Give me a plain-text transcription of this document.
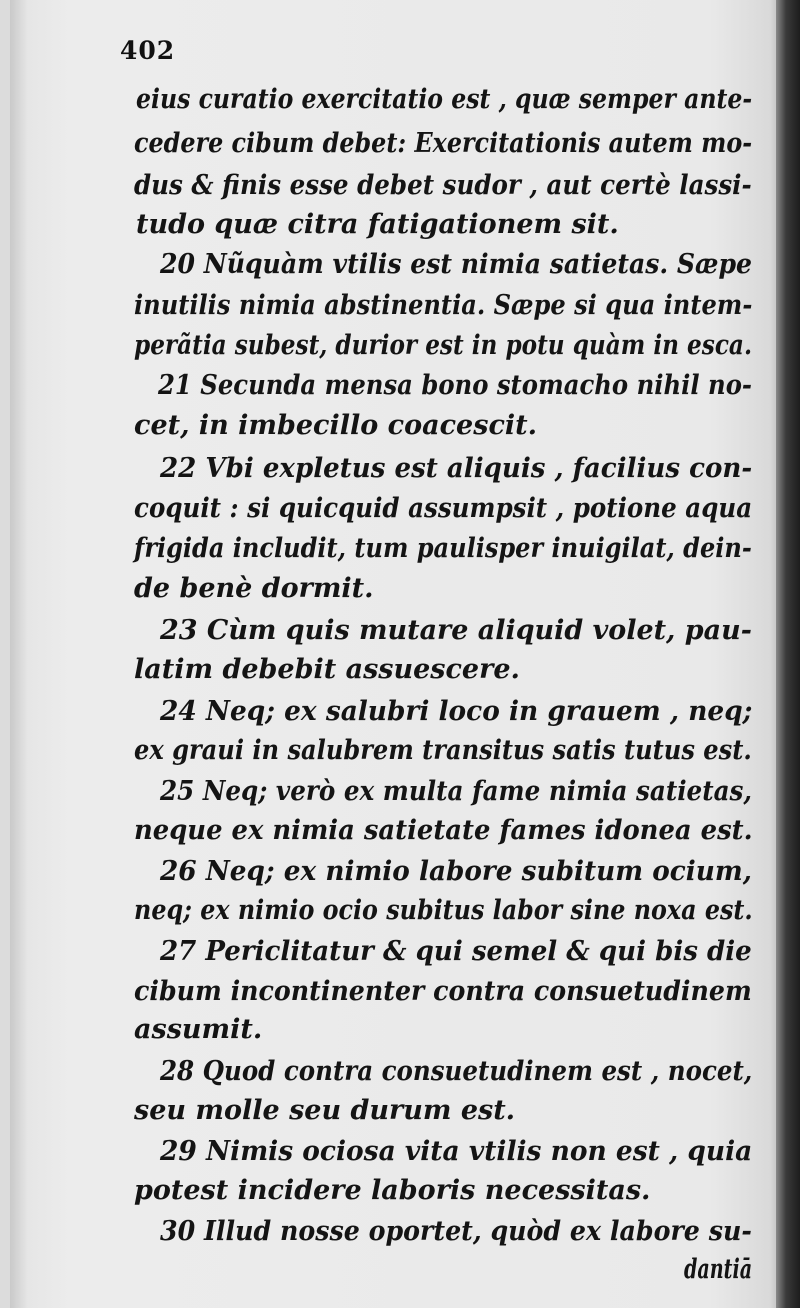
402
eius curatio exercitatio est , quæ semper ante-
cedere cibum debet: Exercitationis autem mo-
dus & finis esse debet sudor , aut certè lassi-
tudo quæ citra fatigationem sit.
20 Nũquàm vtilis est nimia satietas. Sæpe
inutilis nimia abstinentia. Sæpe si qua intem-
perãtia subest, durior est in potu quàm in esca.
21 Secunda mensa bono stomacho nihil no-
cet, in imbecillo coacescit.
22 Vbi expletus est aliquis , facilius con-
coquit : si quicquid assumpsit , potione aqua
frigida includit, tum paulisper inuigilat, dein-
de benè dormit.
23 Cùm quis mutare aliquid volet, pau-
latim debebit assuescere.
24 Neq; ex salubri loco in grauem , neq;
ex graui in salubrem transitus satis tutus est.
25 Neq; verò ex multa fame nimia satietas,
neque ex nimia satietate fames idonea est.
26 Neq; ex nimio labore subitum ocium,
neq; ex nimio ocio subitus labor sine noxa est.
27 Periclitatur & qui semel & qui bis die
cibum incontinenter contra consuetudinem
assumit.
28 Quod contra consuetudinem est , nocet,
seu molle seu durum est.
29 Nimis ociosa vita vtilis non est , quia
potest incidere laboris necessitas.
30 Illud nosse oportet, quòd ex labore su-
dantiā
